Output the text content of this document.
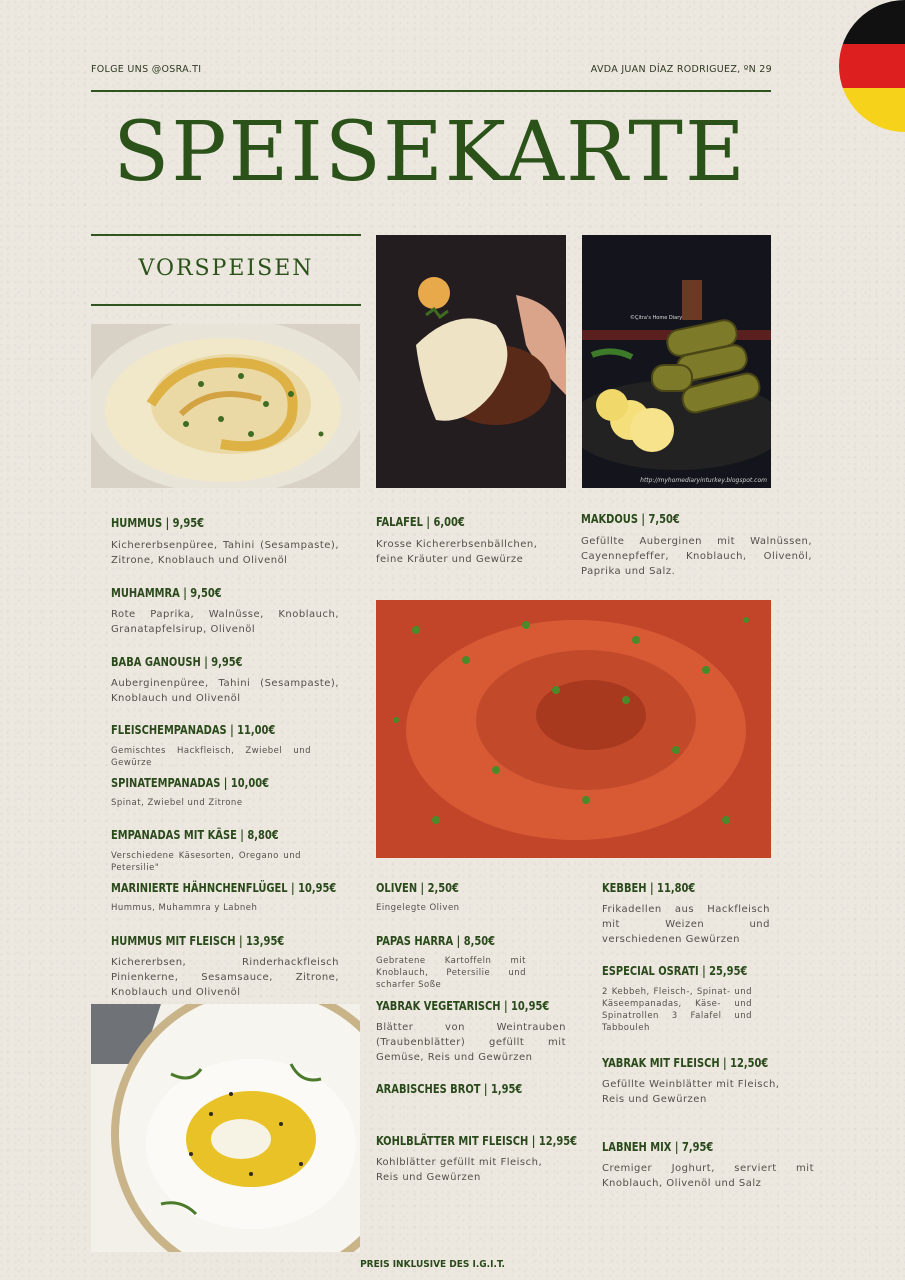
FOLGE UNS @OSRA.TI	AVDA JUAN DÍAZ RODRIGUEZ, ºN 29
SPEISEKARTE
VORSPEISEN
©Çitra's Home Diary
http://myhomediaryinturkey.blogspot.com
HUMMUS | 9,95€
Kichererbsenpüree, Tahini (Sesampaste), Zitrone, Knoblauch und Olivenöl
MUHAMMRA | 9,50€
Rote Paprika, Walnüsse, Knoblauch, Granatapfelsirup, Olivenöl
BABA GANOUSH | 9,95€
Auberginenpüree, Tahini (Sesampaste), Knoblauch und Olivenöl
FLEISCHEMPANADAS | 11,00€
Gemischtes Hackfleisch, Zwiebel und Gewürze
SPINATEMPANADAS | 10,00€
Spinat, Zwiebel und Zitrone
EMPANADAS MIT KÄSE | 8,80€
Verschiedene Käsesorten, Oregano und Petersilie"
MARINIERTE HÄHNCHENFLÜGEL | 10,95€
Hummus, Muhammra y Labneh
HUMMUS MIT FLEISCH | 13,95€
Kichererbsen, Rinderhackfleisch Pinienkerne, Sesamsauce, Zitrone, Knoblauch und Olivenöl
FALAFEL | 6,00€
Krosse Kichererbsenbällchen, feine Kräuter und Gewürze
MAKDOUS | 7,50€
Gefüllte Auberginen mit Walnüssen, Cayennepfeffer, Knoblauch, Olivenöl, Paprika und Salz.
OLIVEN | 2,50€
Eingelegte Oliven
PAPAS HARRA | 8,50€
Gebratene Kartoffeln mit Knoblauch, Petersilie und scharfer Soße
YABRAK VEGETARISCH | 10,95€
Blätter von Weintrauben (Traubenblätter) gefüllt mit Gemüse, Reis und Gewürzen
ARABISCHES BROT | 1,95€
KOHLBLÄTTER MIT FLEISCH | 12,95€
Kohlblätter gefüllt mit Fleisch, Reis und Gewürzen
KEBBEH | 11,80€
Frikadellen aus Hackfleisch mit Weizen und verschiedenen Gewürzen
ESPECIAL OSRATI | 25,95€
2 Kebbeh, Fleisch-, Spinat- und Käseempanadas, Käse- und Spinatrollen 3 Falafel und Tabbouleh
YABRAK MIT FLEISCH | 12,50€
Gefüllte Weinblätter mit Fleisch, Reis und Gewürzen
LABNEH MIX | 7,95€
Cremiger Joghurt, serviert mit Knoblauch, Olivenöl und Salz
PREIS INKLUSIVE DES I.G.I.T.
